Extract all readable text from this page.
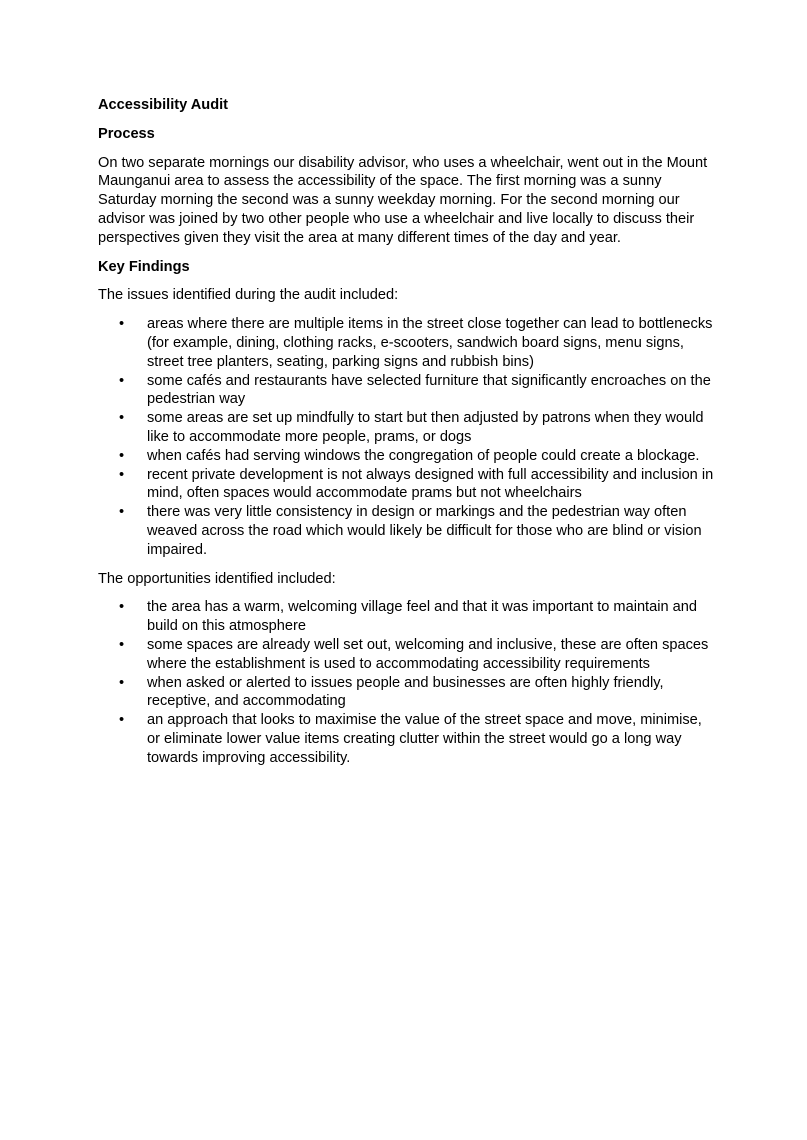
Accessibility Audit

Process

On two separate mornings our disability advisor, who uses a wheelchair, went out in the Mount Maunganui area to assess the accessibility of the space. The first morning was a sunny Saturday morning the second was a sunny weekday morning. For the second morning our advisor was joined by two other people who use a wheelchair and live locally to discuss their perspectives given they visit the area at many different times of the day and year.

Key Findings

The issues identified during the audit included:

• areas where there are multiple items in the street close together can lead to bottlenecks (for example, dining, clothing racks, e-scooters, sandwich board signs, menu signs, street tree planters, seating, parking signs and rubbish bins)
• some cafés and restaurants have selected furniture that significantly encroaches on the pedestrian way
• some areas are set up mindfully to start but then adjusted by patrons when they would like to accommodate more people, prams, or dogs
• when cafés had serving windows the congregation of people could create a blockage.
• recent private development is not always designed with full accessibility and inclusion in mind, often spaces would accommodate prams but not wheelchairs
• there was very little consistency in design or markings and the pedestrian way often weaved across the road which would likely be difficult for those who are blind or vision impaired.

The opportunities identified included:

• the area has a warm, welcoming village feel and that it was important to maintain and build on this atmosphere
• some spaces are already well set out, welcoming and inclusive, these are often spaces where the establishment is used to accommodating accessibility requirements
• when asked or alerted to issues people and businesses are often highly friendly, receptive, and accommodating
• an approach that looks to maximise the value of the street space and move, minimise, or eliminate lower value items creating clutter within the street would go a long way towards improving accessibility.
